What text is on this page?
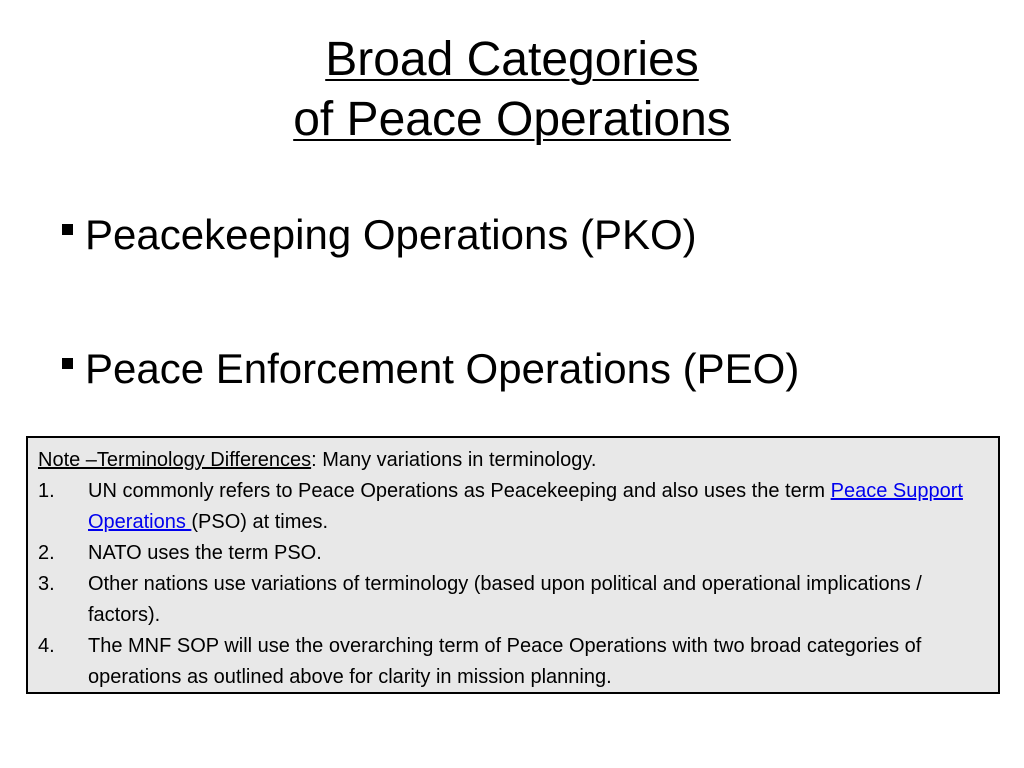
Broad Categories
of Peace Operations
Peacekeeping Operations (PKO)
Peace Enforcement Operations (PEO)
Note –Terminology Differences: Many variations in terminology.
1.	UN commonly refers to Peace Operations as Peacekeeping and also uses the term Peace Support Operations (PSO) at times.
2.	NATO uses the term PSO.
3.	Other nations use variations of terminology (based upon political and operational implications / factors).
4.	The MNF SOP will use the overarching term of Peace Operations with two broad categories of operations as outlined above for clarity in mission planning.
